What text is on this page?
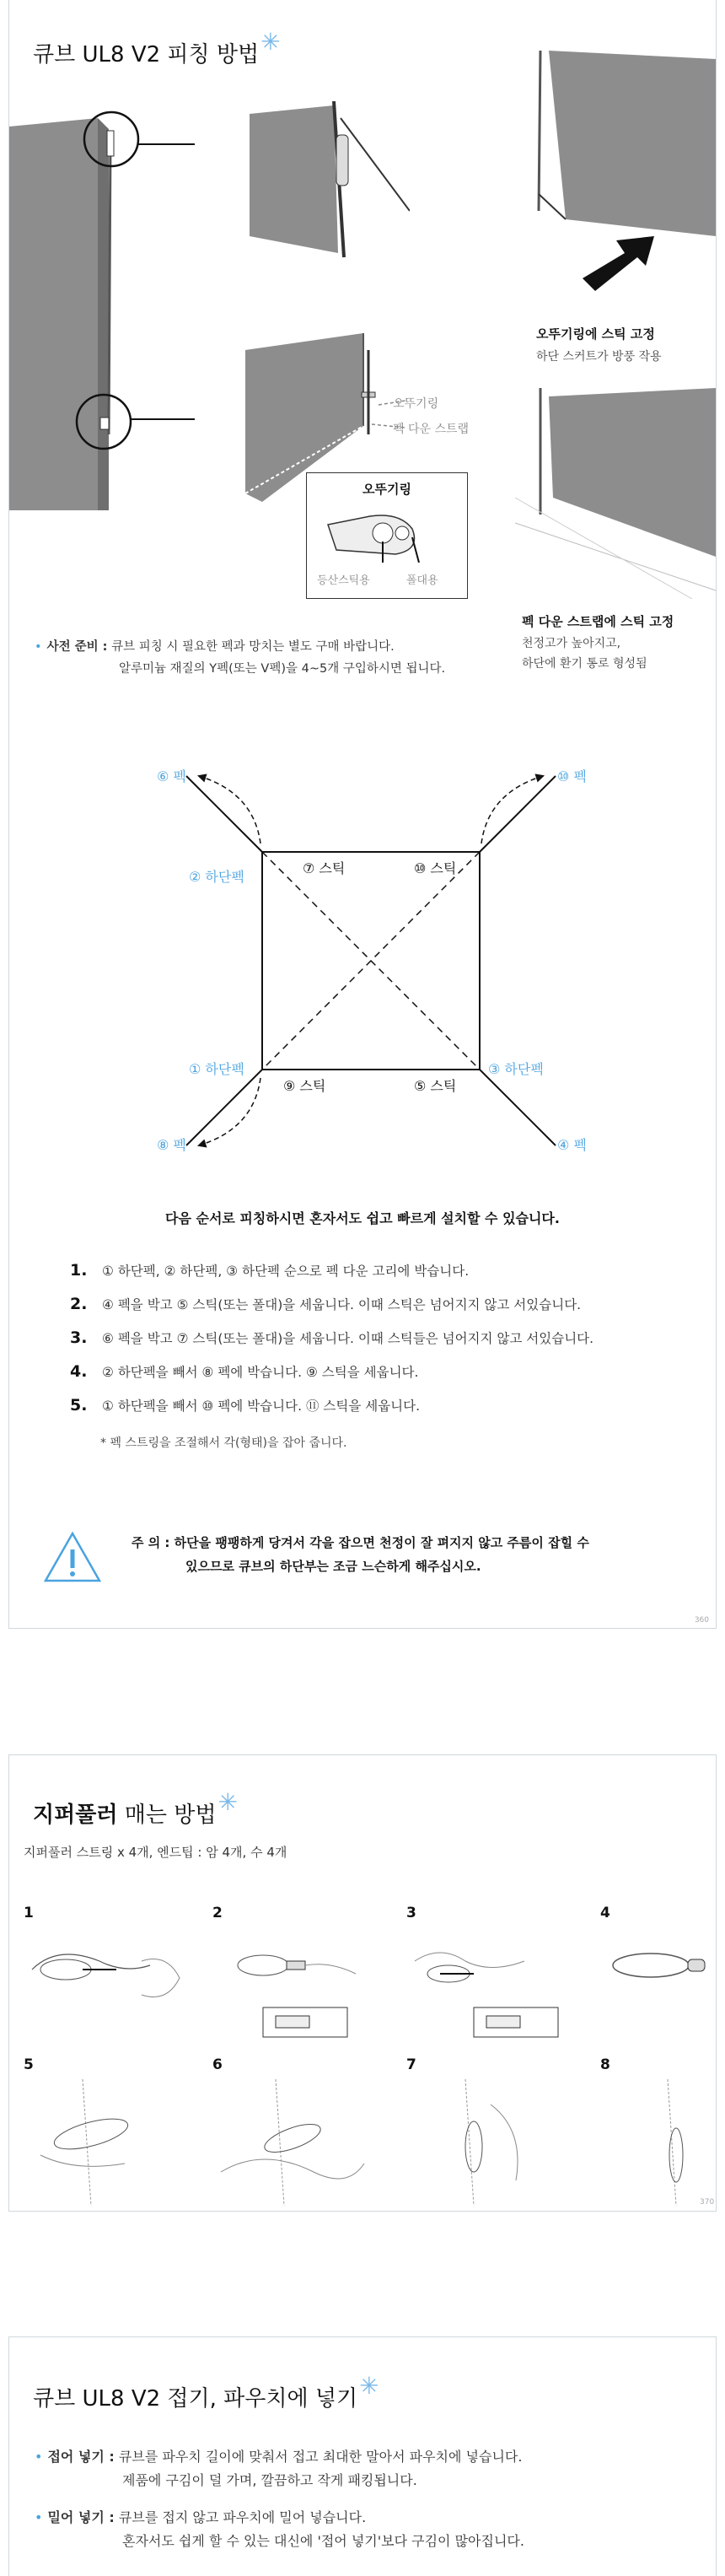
큐브 UL8 V2 피칭 방법✳
오뚜기링
펙 다운 스트랩
오뚜기링
등산스틱용	폴대용
오뚜기링에 스틱 고정
하단 스커트가 방풍 작용
펙 다운 스트랩에 스틱 고정
천정고가 높아지고,
하단에 환기 통로 형성됨
• 사전 준비 : 큐브 피칭 시 필요한 펙과 망치는 별도 구매 바랍니다.
알루미늄 재질의 Y펙(또는 V펙)을 4~5개 구입하시면 됩니다.
⑥ 펙	⑩ 펙
② 하단펙
⑦ 스틱	⑩ 스틱
① 하단펙
⑨ 스틱	⑤ 스틱
③ 하단펙
⑧ 펙	④ 펙
다음 순서로 피칭하시면 혼자서도 쉽고 빠르게 설치할 수 있습니다.
1.	① 하단펙, ② 하단펙, ③ 하단펙 순으로 펙 다운 고리에 박습니다.
2.	④ 펙을 박고 ⑤ 스틱(또는 폴대)을 세웁니다. 이때 스틱은 넘어지지 않고 서있습니다.
3.	⑥ 펙을 박고 ⑦ 스틱(또는 폴대)을 세웁니다. 이때 스틱들은 넘어지지 않고 서있습니다.
4.	② 하단펙을 빼서 ⑧ 펙에 박습니다. ⑨ 스틱을 세웁니다.
5.	① 하단펙을 빼서 ⑩ 펙에 박습니다. ⑪ 스틱을 세웁니다.
* 펙 스트링을 조절해서 각(형태)을 잡아 줍니다.
주 의 : 하단을 팽팽하게 당겨서 각을 잡으면 천정이 잘 펴지지 않고 주름이 잡힐 수
있으므로 큐브의 하단부는 조금 느슨하게 해주십시오.
360
지퍼풀러 매는 방법✳
지퍼풀러 스트링 x 4개, 엔드팁 : 암 4개, 수 4개
1	2	3	4
5	6	7	8
370
큐브 UL8 V2 접기, 파우치에 넣기✳
• 접어 넣기 : 큐브를 파우치 길이에 맞춰서 접고 최대한 말아서 파우치에 넣습니다.
제품에 구김이 덜 가며, 깔끔하고 작게 패킹됩니다.
• 밀어 넣기 : 큐브를 접지 않고 파우치에 밀어 넣습니다.
혼자서도 쉽게 할 수 있는 대신에 '접어 넣기'보다 구김이 많아집니다.
